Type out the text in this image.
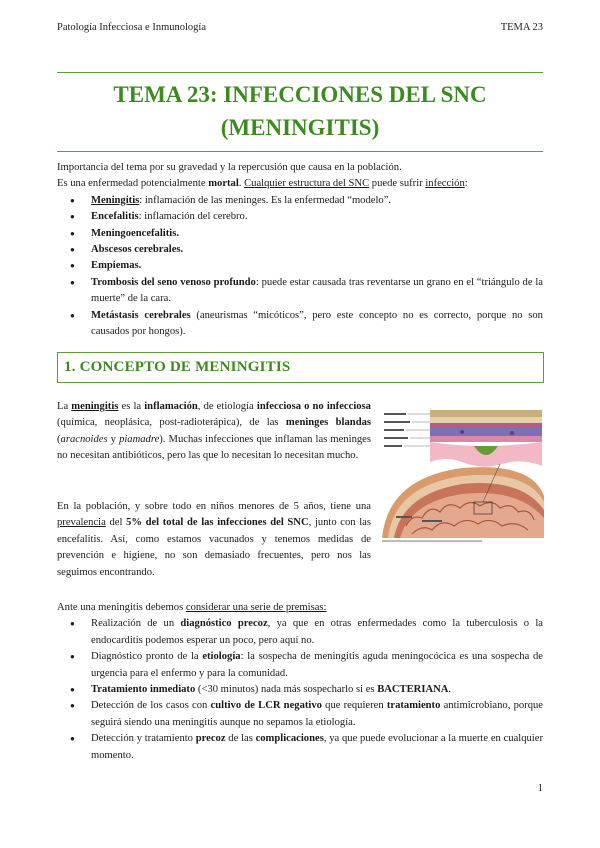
Patología Infecciosa e Inmunología	TEMA 23
TEMA 23: INFECCIONES DEL SNC
(MENINGITIS)
Importancia del tema por su gravedad y la repercusión que causa en la población.
Es una enfermedad potencialmente mortal. Cualquier estructura del SNC puede sufrir infección:
● Meningitis: inflamación de las meninges. Es la enfermedad “modelo”.
● Encefalitis: inflamación del cerebro.
● Meningoencefalitis.
● Abscesos cerebrales.
● Empiemas.
● Trombosis del seno venoso profundo: puede estar causada tras reventarse un grano en el “triángulo de la muerte” de la cara.
● Metástasis cerebrales (aneurismas “micóticos”, pero este concepto no es correcto, porque no son causados por hongos).
1. CONCEPTO DE MENINGITIS
La meningitis es la inflamación, de etiología infecciosa o no infecciosa (química, neoplásica, post-radioterápica), de las meninges blandas (aracnoides y piamadre). Muchas infecciones que inflaman las meninges no necesitan antibióticos, pero las que lo necesitan lo necesitan mucho.
En la población, y sobre todo en niños menores de 5 años, tiene una prevalencia del 5% del total de las infecciones del SNC, junto con las encefalitis. Así, como estamos vacunados y tenemos medidas de prevención e higiene, no son demasiado frecuentes, pero nos las seguimos encontrando.
Ante una meningitis debemos considerar una serie de premisas:
● Realización de un diagnóstico precoz, ya que en otras enfermedades como la tuberculosis o la endocarditis podemos esperar un poco, pero aquí no.
● Diagnóstico pronto de la etiología: la sospecha de meningitis aguda meningocócica es una sospecha de urgencia para el enfermo y para la comunidad.
● Tratamiento inmediato (<30 minutos) nada más sospecharlo si es BACTERIANA.
● Detección de los casos con cultivo de LCR negativo que requieren tratamiento antimicrobiano, porque seguirá siendo una meningitis aunque no sepamos la etiología.
● Detección y tratamiento precoz de las complicaciones, ya que puede evolucionar a la muerte en cualquier momento.
1
